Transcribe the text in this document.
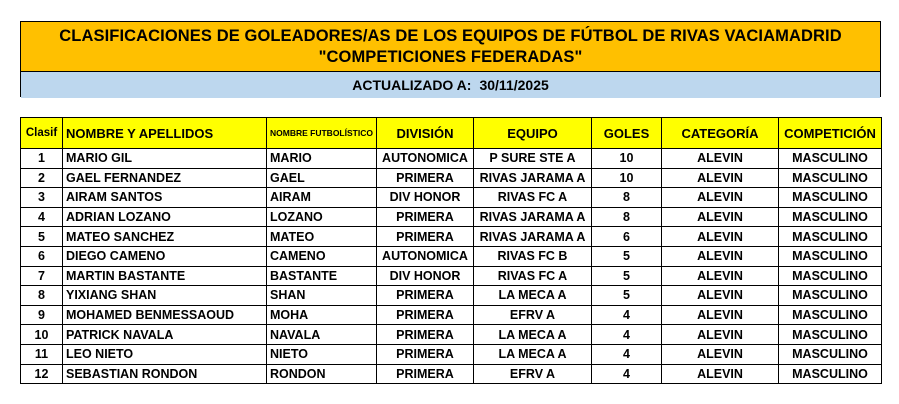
CLASIFICACIONES DE GOLEADORES/AS DE LOS EQUIPOS DE FÚTBOL DE RIVAS VACIAMADRID
"COMPETICIONES FEDERADAS"
ACTUALIZADO A: 30/11/2025
Clasif	NOMBRE Y APELLIDOS	NOMBRE FUTBOLÍSTICO	DIVISIÓN	EQUIPO	GOLES	CATEGORÍA	COMPETICIÓN
1	MARIO GIL	MARIO	AUTONOMICA	P SURE STE A	10	ALEVIN	MASCULINO
2	GAEL FERNANDEZ	GAEL	PRIMERA	RIVAS JARAMA A	10	ALEVIN	MASCULINO
3	AIRAM SANTOS	AIRAM	DIV HONOR	RIVAS FC A	8	ALEVIN	MASCULINO
4	ADRIAN LOZANO	LOZANO	PRIMERA	RIVAS JARAMA A	8	ALEVIN	MASCULINO
5	MATEO SANCHEZ	MATEO	PRIMERA	RIVAS JARAMA A	6	ALEVIN	MASCULINO
6	DIEGO CAMENO	CAMENO	AUTONOMICA	RIVAS FC B	5	ALEVIN	MASCULINO
7	MARTIN BASTANTE	BASTANTE	DIV HONOR	RIVAS FC A	5	ALEVIN	MASCULINO
8	YIXIANG SHAN	SHAN	PRIMERA	LA MECA A	5	ALEVIN	MASCULINO
9	MOHAMED BENMESSAOUD	MOHA	PRIMERA	EFRV A	4	ALEVIN	MASCULINO
10	PATRICK NAVALA	NAVALA	PRIMERA	LA MECA A	4	ALEVIN	MASCULINO
11	LEO NIETO	NIETO	PRIMERA	LA MECA A	4	ALEVIN	MASCULINO
12	SEBASTIAN RONDON	RONDON	PRIMERA	EFRV A	4	ALEVIN	MASCULINO
